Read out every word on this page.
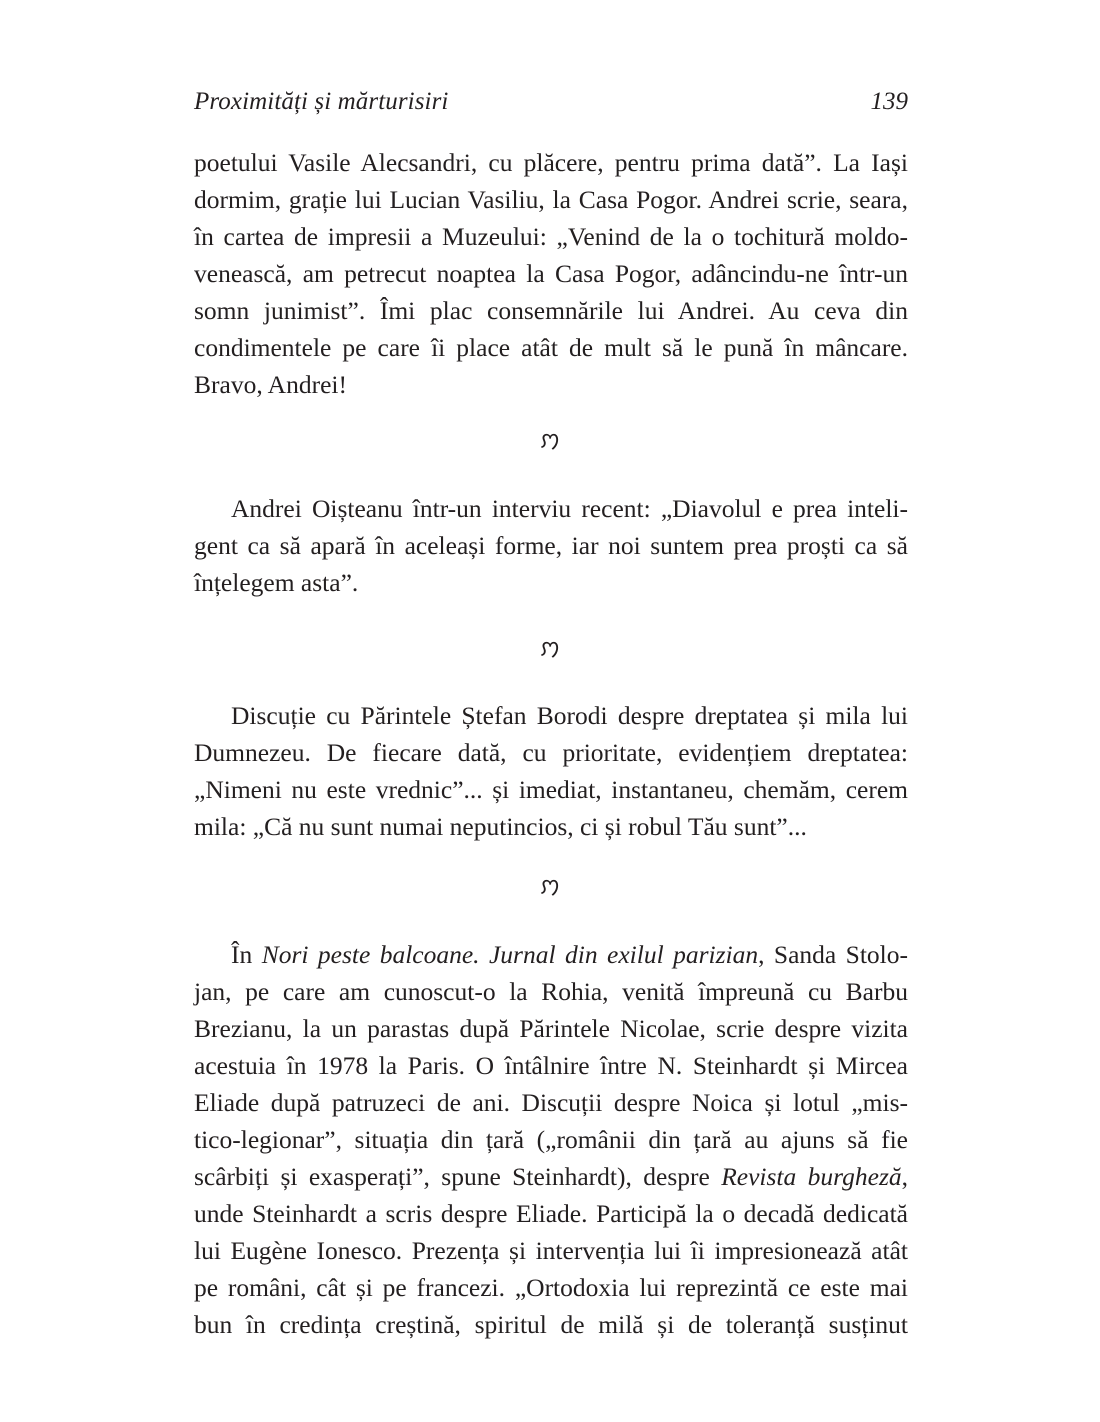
Proximități și mărturisiri	139
poetului Vasile Alecsandri, cu plăcere, pentru prima dată”. La Iași
dormim, grație lui Lucian Vasiliu, la Casa Pogor. Andrei scrie, seara,
în cartea de impresii a Muzeului: „Venind de la o tochitură moldo-
venească, am petrecut noaptea la Casa Pogor, adâncindu-ne într-un
somn junimist”. Îmi plac consemnările lui Andrei. Au ceva din
condimentele pe care îi place atât de mult să le pună în mâncare.
Bravo, Andrei!
ꩀ
Andrei Oișteanu într-un interviu recent: „Diavolul e prea inteli-
gent ca să apară în aceleași forme, iar noi suntem prea proști ca să
înțelegem asta”.
ꩀ
Discuție cu Părintele Ștefan Borodi despre dreptatea și mila lui
Dumnezeu. De fiecare dată, cu prioritate, evidențiem dreptatea:
„Nimeni nu este vrednic”... și imediat, instantaneu, chemăm, cerem
mila: „Că nu sunt numai neputincios, ci și robul Tău sunt”...
ꩀ
În Nori peste balcoane. Jurnal din exilul parizian, Sanda Stolo-
jan, pe care am cunoscut-o la Rohia, venită împreună cu Barbu
Brezianu, la un parastas după Părintele Nicolae, scrie despre vizita
acestuia în 1978 la Paris. O întâlnire între N. Steinhardt și Mircea
Eliade după patruzeci de ani. Discuții despre Noica și lotul „mis-
tico-legionar”, situația din țară („românii din țară au ajuns să fie
scârbiți și exasperați”, spune Steinhardt), despre Revista burgheză,
unde Steinhardt a scris despre Eliade. Participă la o decadă dedicată
lui Eugène Ionesco. Prezența și intervenția lui îi impresionează atât
pe români, cât și pe francezi. „Ortodoxia lui reprezintă ce este mai
bun în credința creștină, spiritul de milă și de toleranță susținut
